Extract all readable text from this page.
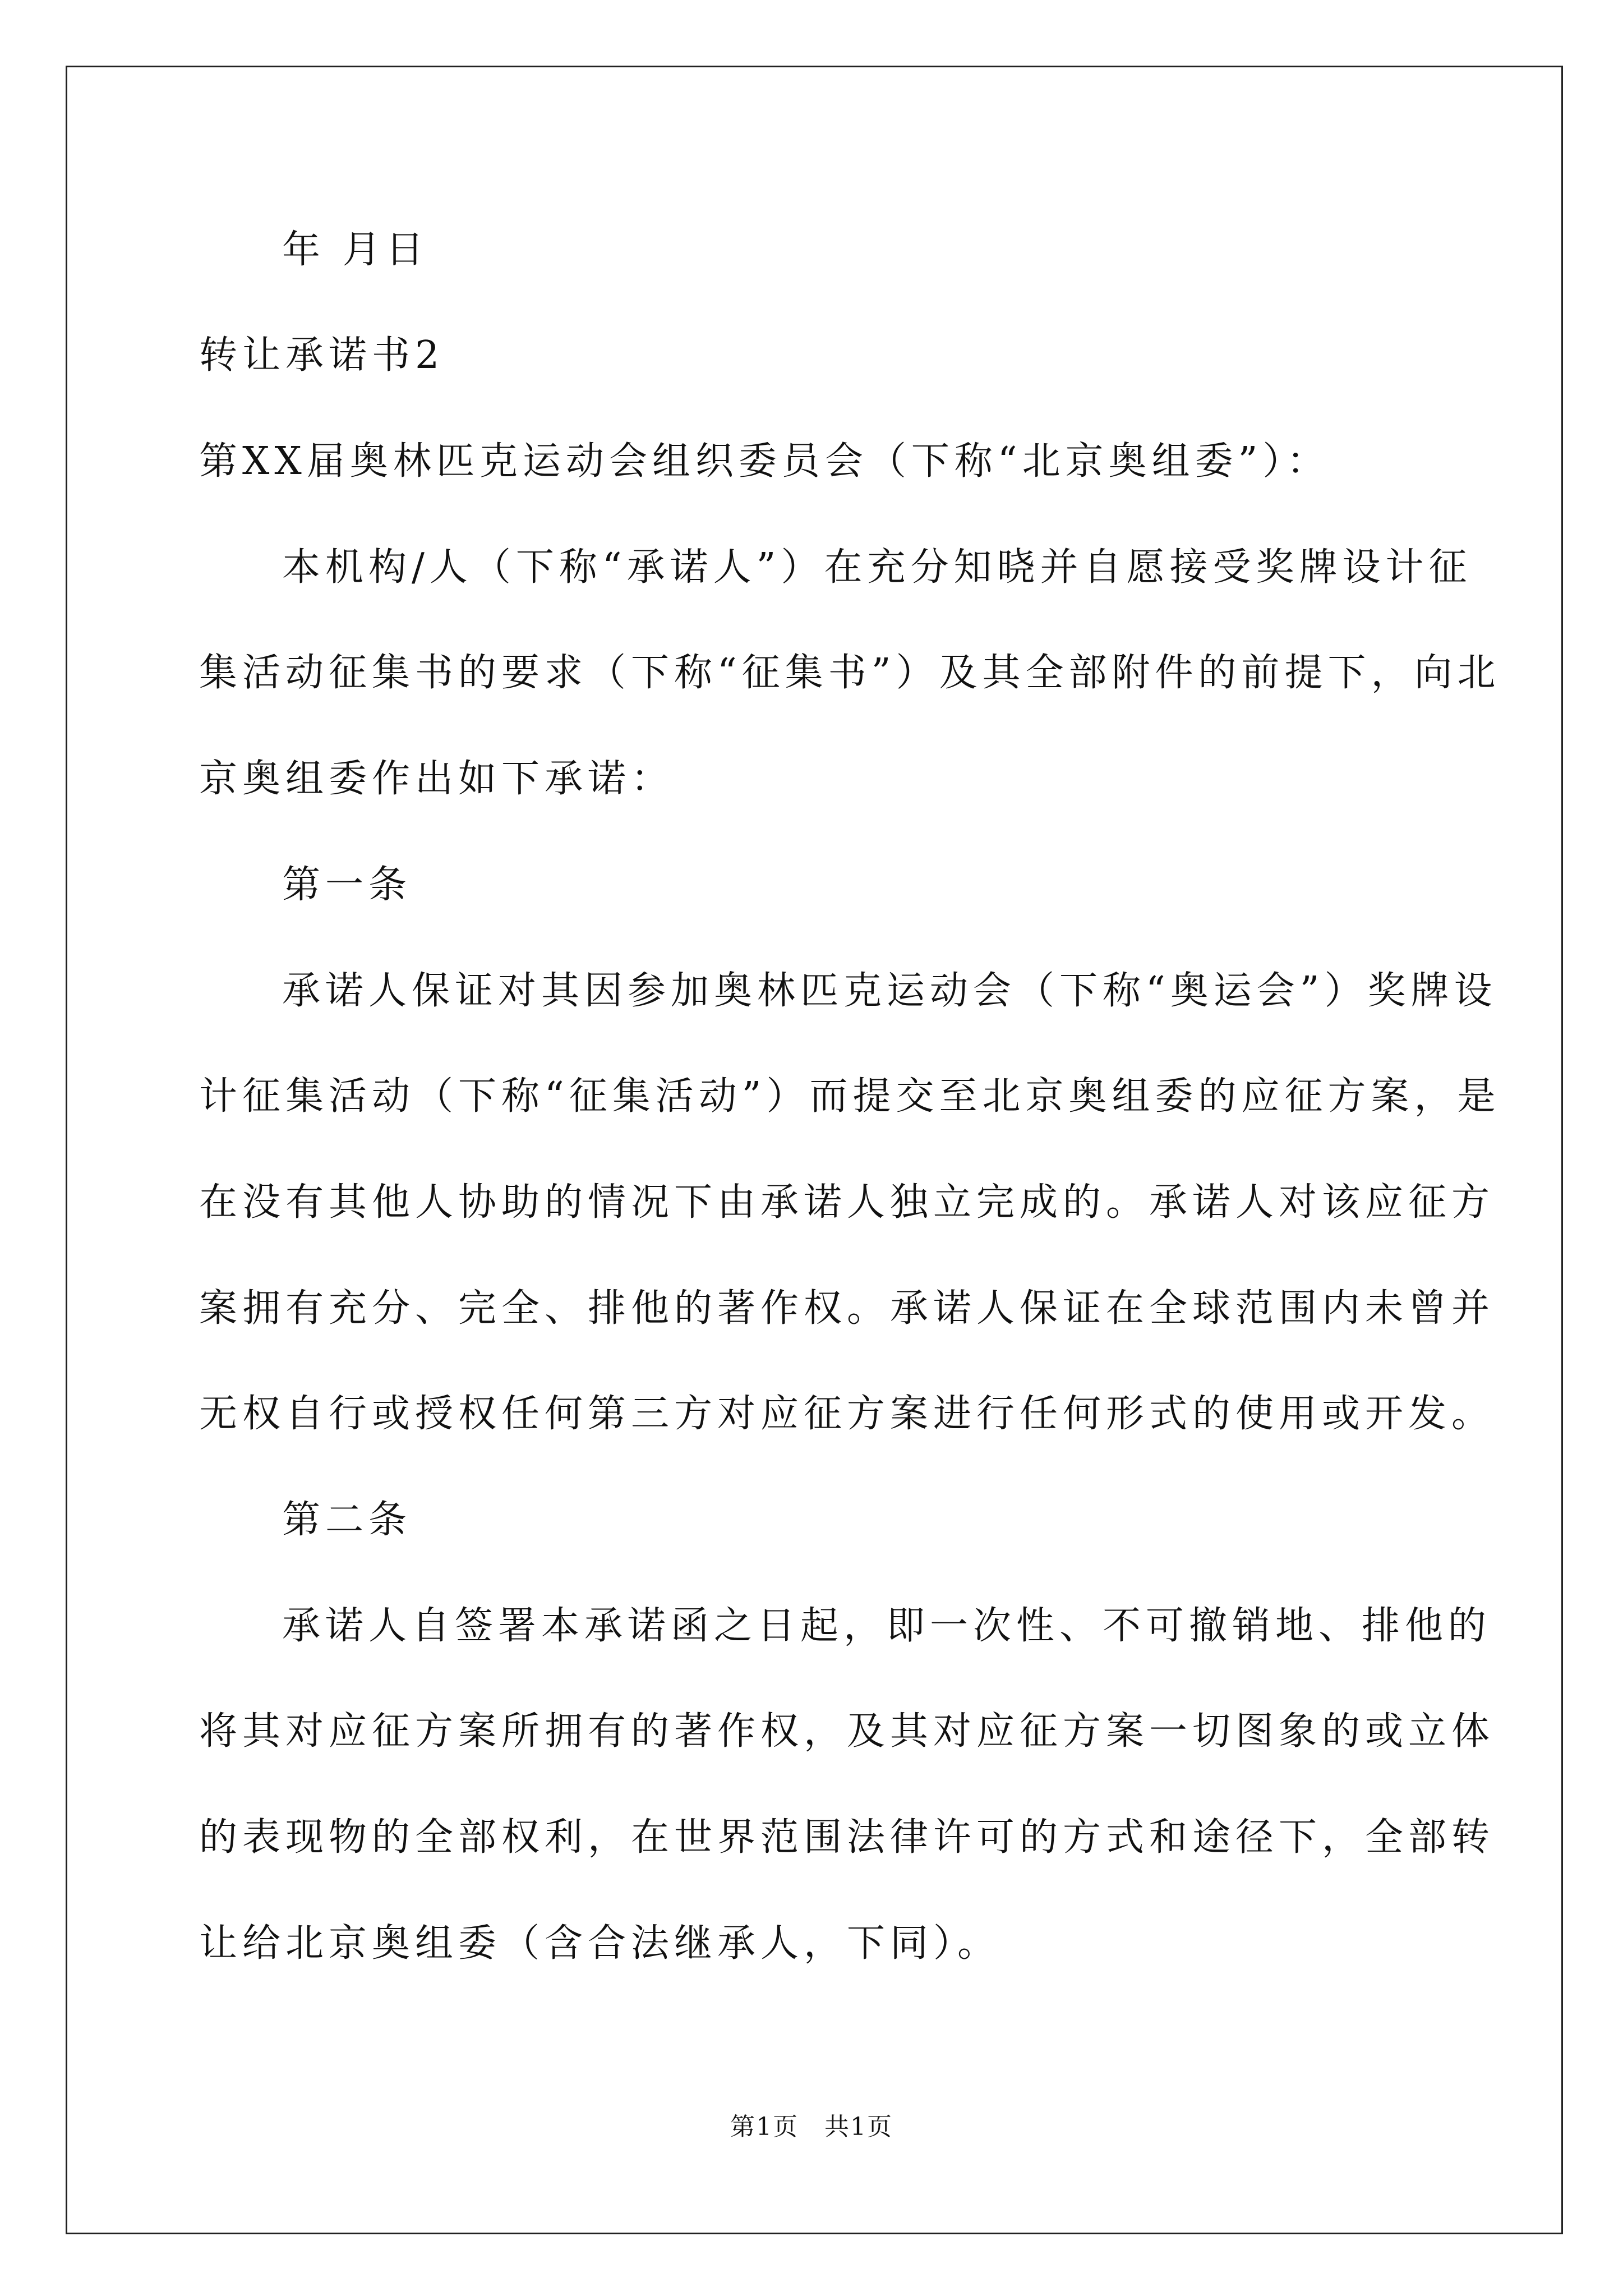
年 月日
转让承诺书2
第XX届奥林匹克运动会组织委员会（下称“北京奥组委”）：
本机构/人（下称“承诺人”）在充分知晓并自愿接受奖牌设计征
集活动征集书的要求（下称“征集书”）及其全部附件的前提下，向北
京奥组委作出如下承诺：
第一条
承诺人保证对其因参加奥林匹克运动会（下称“奥运会”）奖牌设
计征集活动（下称“征集活动”）而提交至北京奥组委的应征方案，是
在没有其他人协助的情况下由承诺人独立完成的。承诺人对该应征方
案拥有充分、完全、排他的著作权。承诺人保证在全球范围内未曾并
无权自行或授权任何第三方对应征方案进行任何形式的使用或开发。
第二条
承诺人自签署本承诺函之日起，即一次性、不可撤销地、排他的
将其对应征方案所拥有的著作权，及其对应征方案一切图象的或立体
的表现物的全部权利，在世界范围法律许可的方式和途径下，全部转
让给北京奥组委（含合法继承人，下同）。
第1页　共1页
